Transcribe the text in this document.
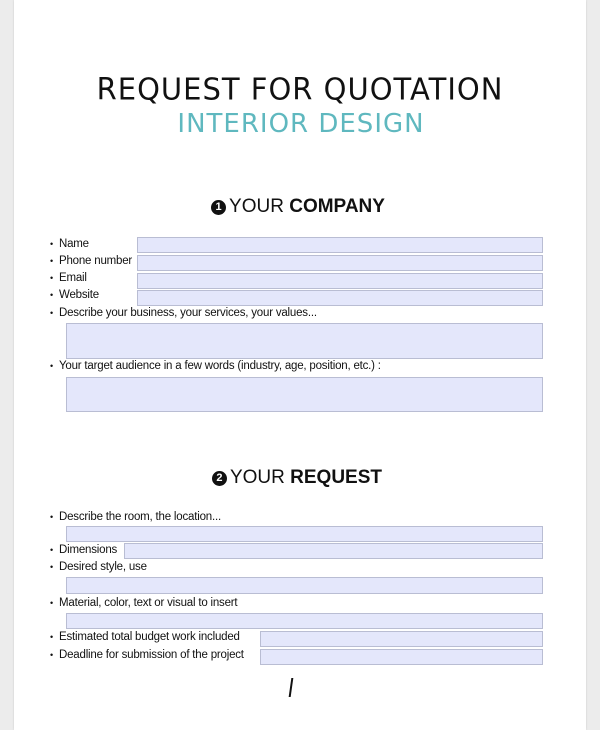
REQUEST FOR QUOTATION
INTERIOR DESIGN
1 YOUR COMPANY
• Name
• Phone number
• Email
• Website
• Describe your business, your services, your values...
• Your target audience in a few words (industry, age, position, etc.) :
2 YOUR REQUEST
• Describe the room, the location...
• Dimensions
• Desired style, use
• Material, color, text or visual to insert
• Estimated total budget work included
• Deadline for submission of the project
